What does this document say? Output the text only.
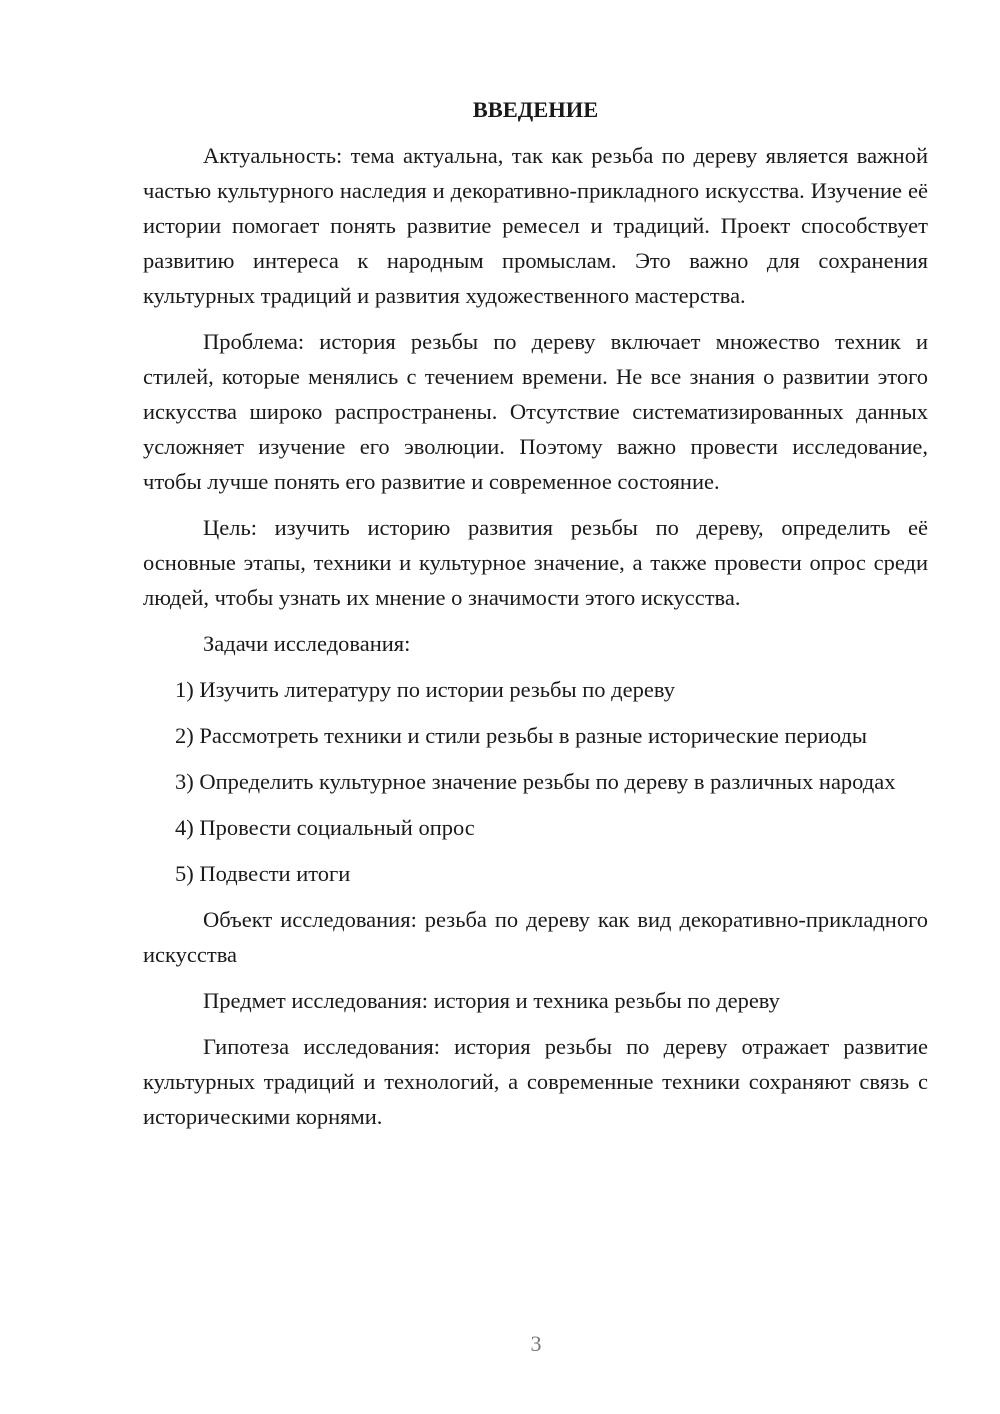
ВВЕДЕНИЕ
Актуальность: тема актуальна, так как резьба по дереву является важной частью культурного наследия и декоративно-прикладного искусства. Изучение её истории помогает понять развитие ремесел и традиций. Проект способствует развитию интереса к народным промыслам. Это важно для сохранения культурных традиций и развития художественного мастерства.
Проблема: история резьбы по дереву включает множество техник и стилей, которые менялись с течением времени. Не все знания о развитии этого искусства широко распространены. Отсутствие систематизированных данных усложняет изучение его эволюции. Поэтому важно провести исследование, чтобы лучше понять его развитие и современное состояние.
Цель: изучить историю развития резьбы по дереву, определить её основные этапы, техники и культурное значение, а также провести опрос среди людей, чтобы узнать их мнение о значимости этого искусства.
Задачи исследования:
1) Изучить литературу по истории резьбы по дереву
2) Рассмотреть техники и стили резьбы в разные исторические периоды
3) Определить культурное значение резьбы по дереву в различных народах
4) Провести социальный опрос
5) Подвести итоги
Объект исследования: резьба по дереву как вид декоративно-прикладного искусства
Предмет исследования: история и техника резьбы по дереву
Гипотеза исследования: история резьбы по дереву отражает развитие культурных традиций и технологий, а современные техники сохраняют связь с историческими корнями.
3
